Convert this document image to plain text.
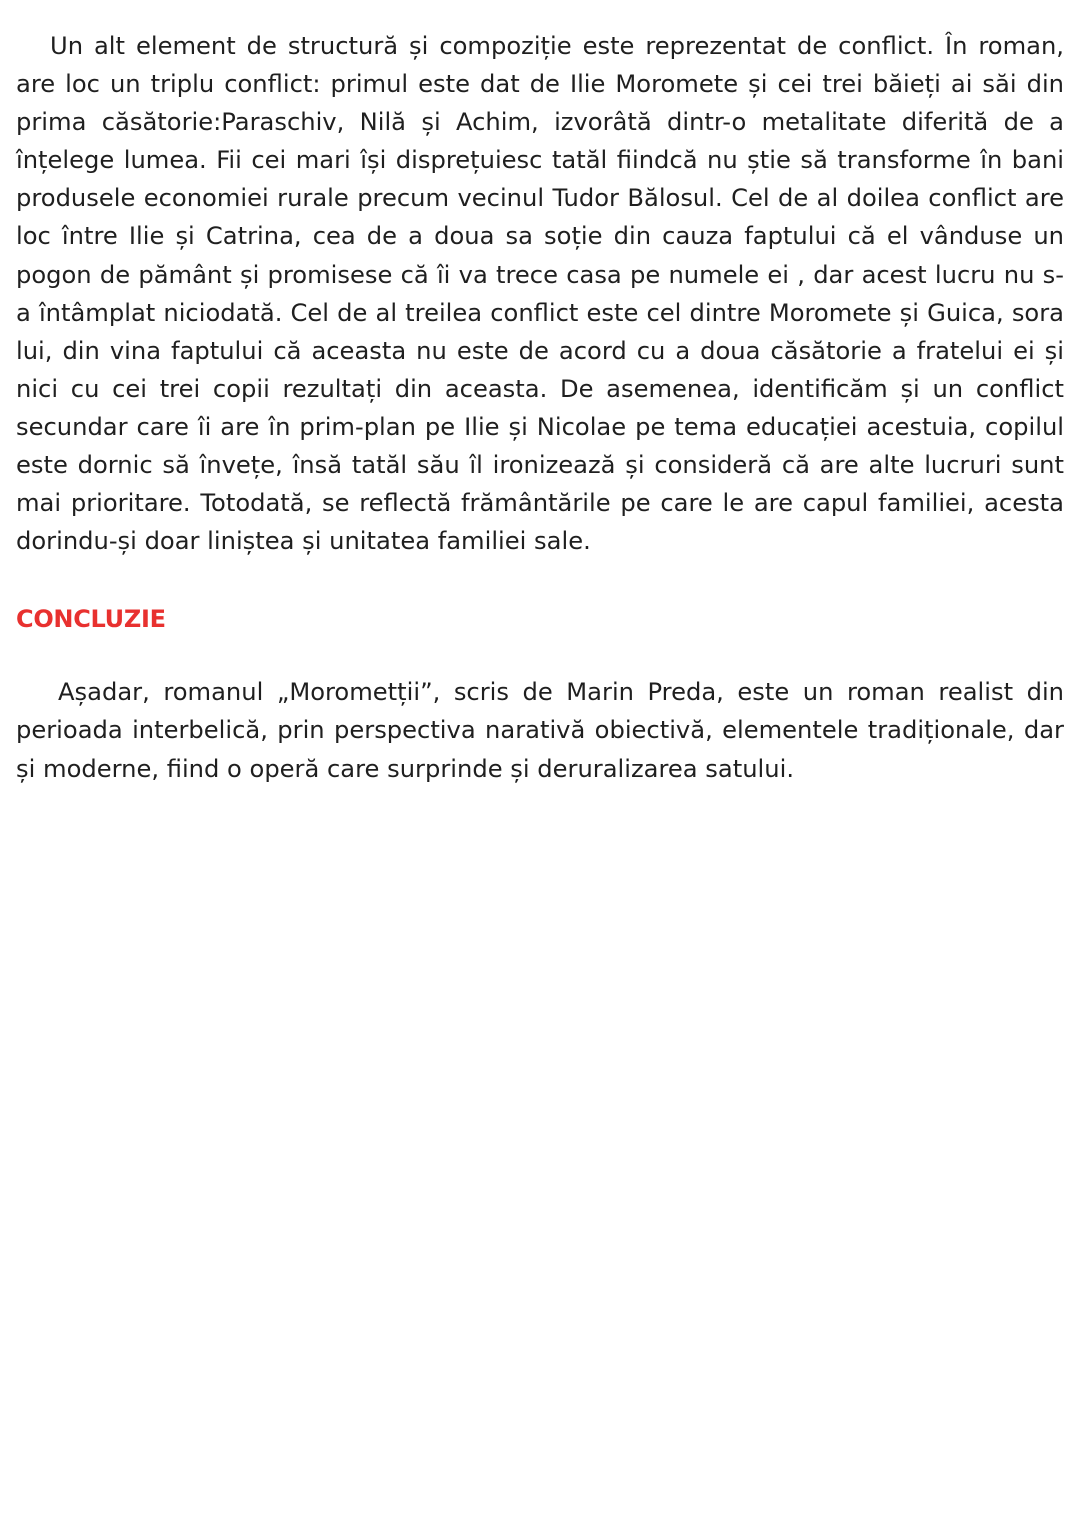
Un alt element de structură și compoziție este reprezentat de conflict. În roman, are loc un triplu conflict: primul este dat de Ilie Moromete și cei trei băieți ai săi din prima căsătorie:Paraschiv, Nilă și Achim, izvorâtă dintr-o metalitate diferită de a înțelege lumea. Fii cei mari își disprețuiesc tatăl fiindcă nu știe să transforme în bani produsele economiei rurale precum vecinul Tudor Bălosul. Cel de al doilea conflict are loc între Ilie și Catrina, cea de a doua sa soție din cauza faptului că el vânduse un pogon de pământ și promisese că îi va trece casa pe numele ei , dar acest lucru nu s-a întâmplat niciodată. Cel de al treilea conflict este cel dintre Moromete și Guica, sora lui, din vina faptului că aceasta nu este de acord cu a doua căsătorie a fratelui ei și nici cu cei trei copii rezultați din aceasta. De asemenea, identificăm și un conflict secundar care îi are în prim-plan pe Ilie și Nicolae pe tema educației acestuia, copilul este dornic să învețe, însă tatăl său îl ironizează și consideră că are alte lucruri sunt mai prioritare. Totodată, se reflectă frământările pe care le are capul familiei, acesta dorindu-și doar liniștea și unitatea familiei sale.

CONCLUZIE

Așadar, romanul „Morometții”, scris de Marin Preda, este un roman realist din perioada interbelică, prin perspectiva narativă obiectivă, elementele tradiționale, dar și moderne, fiind o operă care surprinde și deruralizarea satului.
